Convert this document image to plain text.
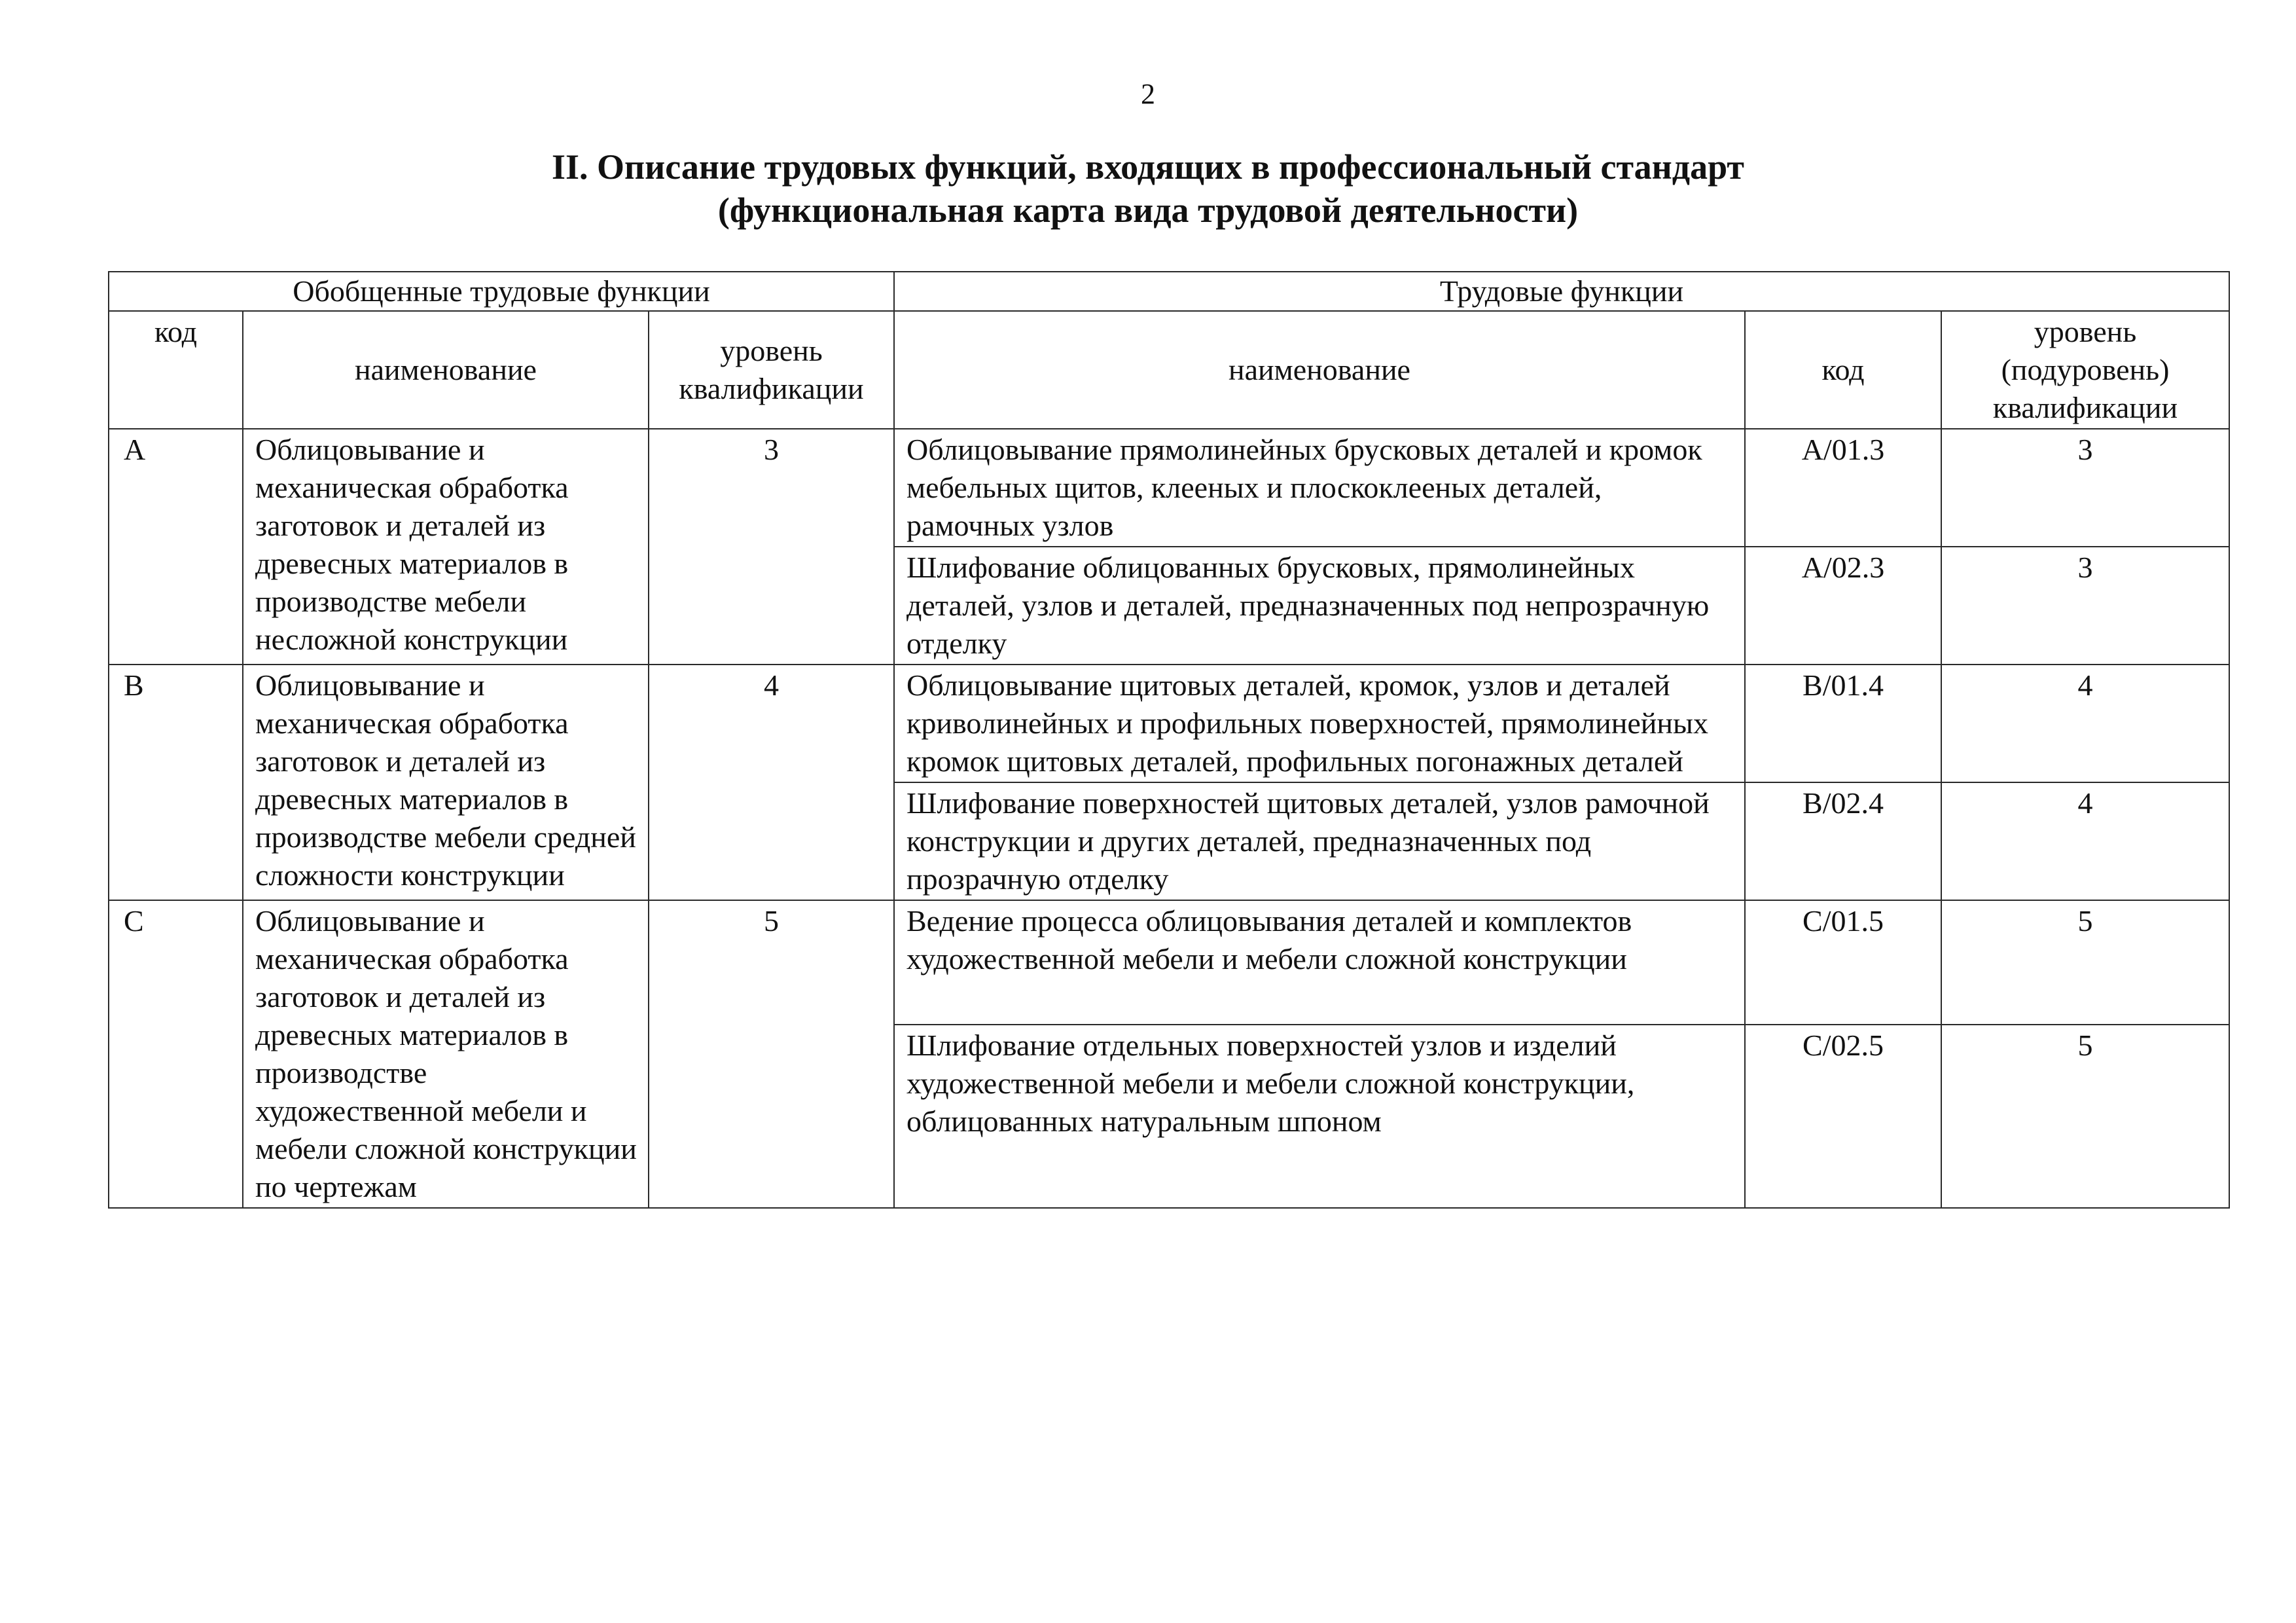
2
II. Описание трудовых функций, входящих в профессиональный стандарт
(функциональная карта вида трудовой деятельности)
Обобщенные трудовые функции			Трудовые функции		
код	наименование	уровень квалификации	наименование	код	уровень (подуровень) квалификации
A	Облицовывание и механическая обработка заготовок и деталей из древесных материалов в производстве мебели несложной конструкции	3	Облицовывание прямолинейных брусковых деталей и кромок мебельных щитов, клееных и плоскоклееных деталей, рамочных узлов	A/01.3	3
			Шлифование облицованных брусковых, прямолинейных деталей, узлов и деталей, предназначенных под непрозрачную отделку	A/02.3	3
B	Облицовывание и механическая обработка заготовок и деталей из древесных материалов в производстве мебели средней сложности конструкции	4	Облицовывание щитовых деталей, кромок, узлов и деталей криволинейных и профильных поверхностей, прямолинейных кромок щитовых деталей, профильных погонажных деталей	B/01.4	4
			Шлифование поверхностей щитовых деталей, узлов рамочной конструкции и других деталей, предназначенных под прозрачную отделку	B/02.4	4
C	Облицовывание и механическая обработка заготовок и деталей из древесных материалов в производстве художественной мебели и мебели сложной конструкции по чертежам	5	Ведение процесса облицовывания деталей и комплектов художественной мебели и мебели сложной конструкции	C/01.5	5
			Шлифование отдельных поверхностей узлов и изделий художественной мебели и мебели сложной конструкции, облицованных натуральным шпоном	C/02.5	5
